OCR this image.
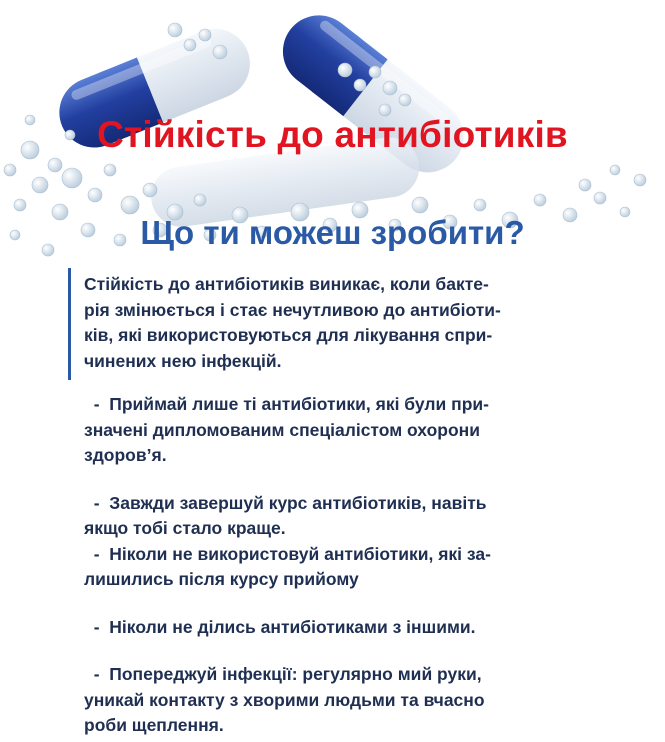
Стійкість до антибіотиків
Що ти можеш зробити?
Стійкість до антибіотиків виникає, коли бакте-
рія змінюється і стає нечутливою до антибіоти-
ків, які використовуються для лікування спри-
чинених нею інфекцій.
-  Приймай лише ті антибіотики, які були при-
значені дипломованим спеціалістом охорони
здоров’я.
-  Завжди завершуй курс антибіотиків, навіть
якщо тобі стало краще.
-  Ніколи не використовуй антибіотики, які за-
лишились після курсу прийому
-  Ніколи не ділись антибіотиками з іншими.
-  Попереджуй інфекції: регулярно мий руки,
уникай контакту з хворими людьми та вчасно
роби щеплення.
